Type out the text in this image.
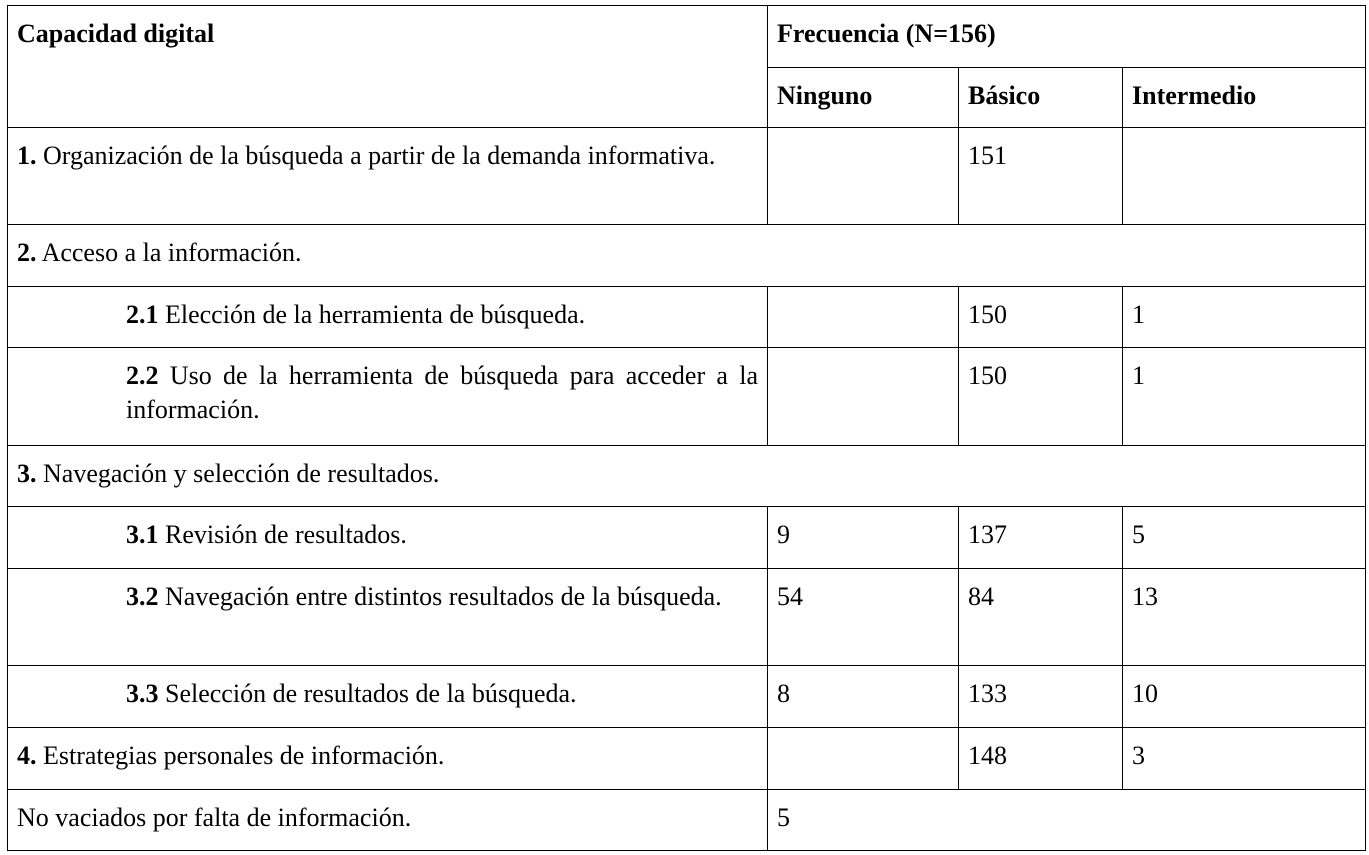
Capacidad digital	Frecuencia (N=156)		
	Ninguno	Básico	Intermedio
1. Organización de la búsqueda a partir de la demanda informativa.		151	
2. Acceso a la información.			
2.1 Elección de la herramienta de búsqueda.		150	1
2.2 Uso de la herramienta de búsqueda para acceder a la información.		150	1
3. Navegación y selección de resultados.			
3.1 Revisión de resultados.	9	137	5
3.2 Navegación entre distintos resultados de la búsqueda.	54	84	13
3.3 Selección de resultados de la búsqueda.	8	133	10
4. Estrategias personales de información.		148	3
No vaciados por falta de información.	5		
